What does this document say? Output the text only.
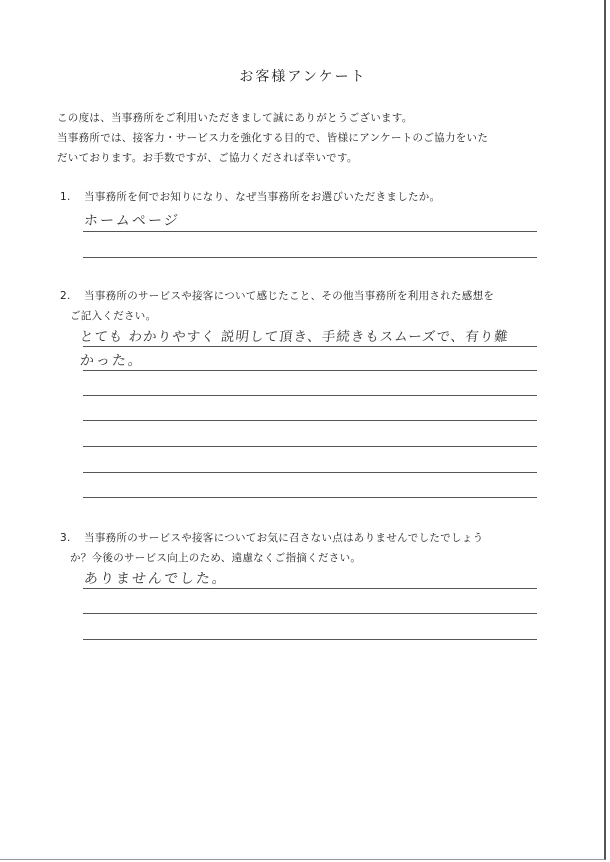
お客様アンケート
この度は、当事務所をご利用いただきまして誠にありがとうございます。
当事務所では、接客力・サービス力を強化する目的で、皆様にアンケートのご協力をいた
だいております。お手数ですが、ご協力くだされば幸いです。
1. 当事務所を何でお知りになり、なぜ当事務所をお選びいただきましたか。
ホームページ
2. 当事務所のサービスや接客について感じたこと、その他当事務所を利用された感想を
ご記入ください。
とても わかりやすく 説明して頂き、手続きもスムーズで、有り難
かった。
3. 当事務所のサービスや接客についてお気に召さない点はありませんでしたでしょう
か？今後のサービス向上のため、遠慮なくご指摘ください。
ありませんでした。
